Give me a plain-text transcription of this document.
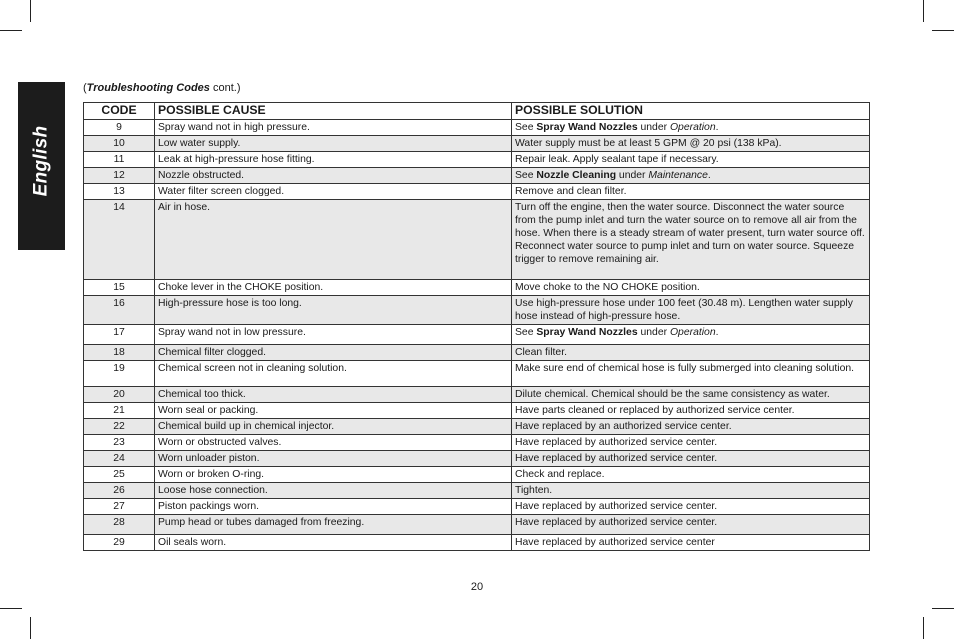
English
(Troubleshooting Codes cont.)
CODE	POSSIBLE CAUSE	POSSIBLE SOLUTION
9	Spray wand not in high pressure.	See Spray Wand Nozzles under Operation.
10	Low water supply.	Water supply must be at least 5 GPM @ 20 psi (138 kPa).
11	Leak at high-pressure hose fitting.	Repair leak. Apply sealant tape if necessary.
12	Nozzle obstructed.	See Nozzle Cleaning under Maintenance.
13	Water filter screen clogged.	Remove and clean filter.
14	Air in hose.	Turn off the engine, then the water source. Disconnect the water source from the pump inlet and turn the water source on to remove all air from the hose. When there is a steady stream of water present, turn water source off. Reconnect water source to pump inlet and turn on water source. Squeeze trigger to remove remaining air.
15	Choke lever in the CHOKE position.	Move choke to the NO CHOKE position.
16	High-pressure hose is too long.	Use high-pressure hose under 100 feet (30.48 m). Lengthen water supply hose instead of high-pressure hose.
17	Spray wand not in low pressure.	See Spray Wand Nozzles under Operation.
18	Chemical filter clogged.	Clean filter.
19	Chemical screen not in cleaning solution.	Make sure end of chemical hose is fully submerged into cleaning solution.
20	Chemical too thick.	Dilute chemical. Chemical should be the same consistency as water.
21	Worn seal or packing.	Have parts cleaned or replaced by authorized service center.
22	Chemical build up in chemical injector.	Have replaced by an authorized service center.
23	Worn or obstructed valves.	Have replaced by authorized service center.
24	Worn unloader piston.	Have replaced by authorized service center.
25	Worn or broken O-ring.	Check and replace.
26	Loose hose connection.	Tighten.
27	Piston packings worn.	Have replaced by authorized service center.
28	Pump head or tubes damaged from freezing.	Have replaced by authorized service center.
29	Oil seals worn.	Have replaced by authorized service center
20
